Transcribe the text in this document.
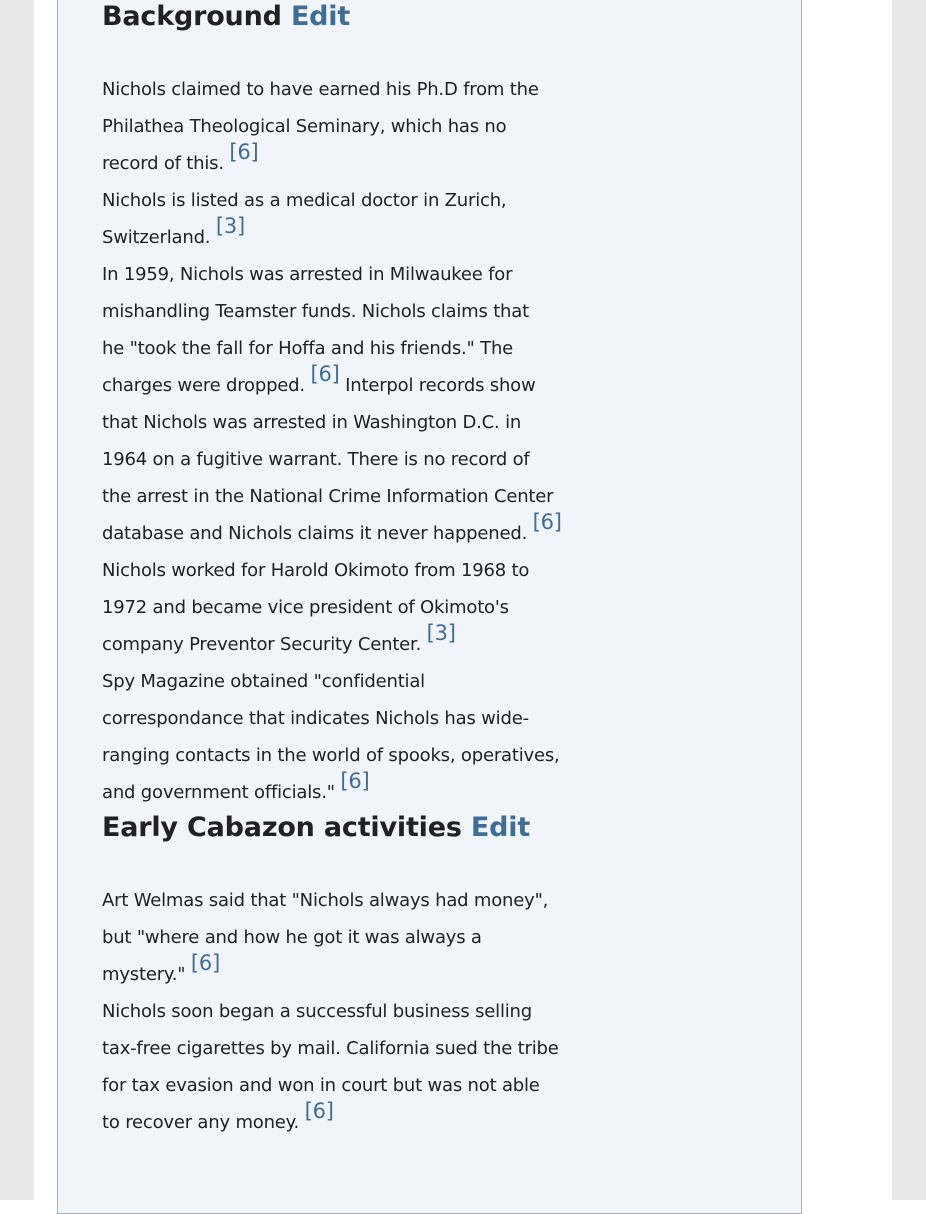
Background Edit

Nichols claimed to have earned his Ph.D from the
Philathea Theological Seminary, which has no
record of this. [6]

Nichols is listed as a medical doctor in Zurich,
Switzerland. [3]

In 1959, Nichols was arrested in Milwaukee for
mishandling Teamster funds. Nichols claims that
he "took the fall for Hoffa and his friends." The
charges were dropped. [6] Interpol records show
that Nichols was arrested in Washington D.C. in
1964 on a fugitive warrant. There is no record of
the arrest in the National Crime Information Center
database and Nichols claims it never happened. [6]

Nichols worked for Harold Okimoto from 1968 to
1972 and became vice president of Okimoto's
company Preventor Security Center. [3]

Spy Magazine obtained "confidential
correspondance that indicates Nichols has wide-
ranging contacts in the world of spooks, operatives,
and government officials." [6]

Early Cabazon activities Edit

Art Welmas said that "Nichols always had money",
but "where and how he got it was always a
mystery." [6]

Nichols soon began a successful business selling
tax-free cigarettes by mail. California sued the tribe
for tax evasion and won in court but was not able
to recover any money. [6]
